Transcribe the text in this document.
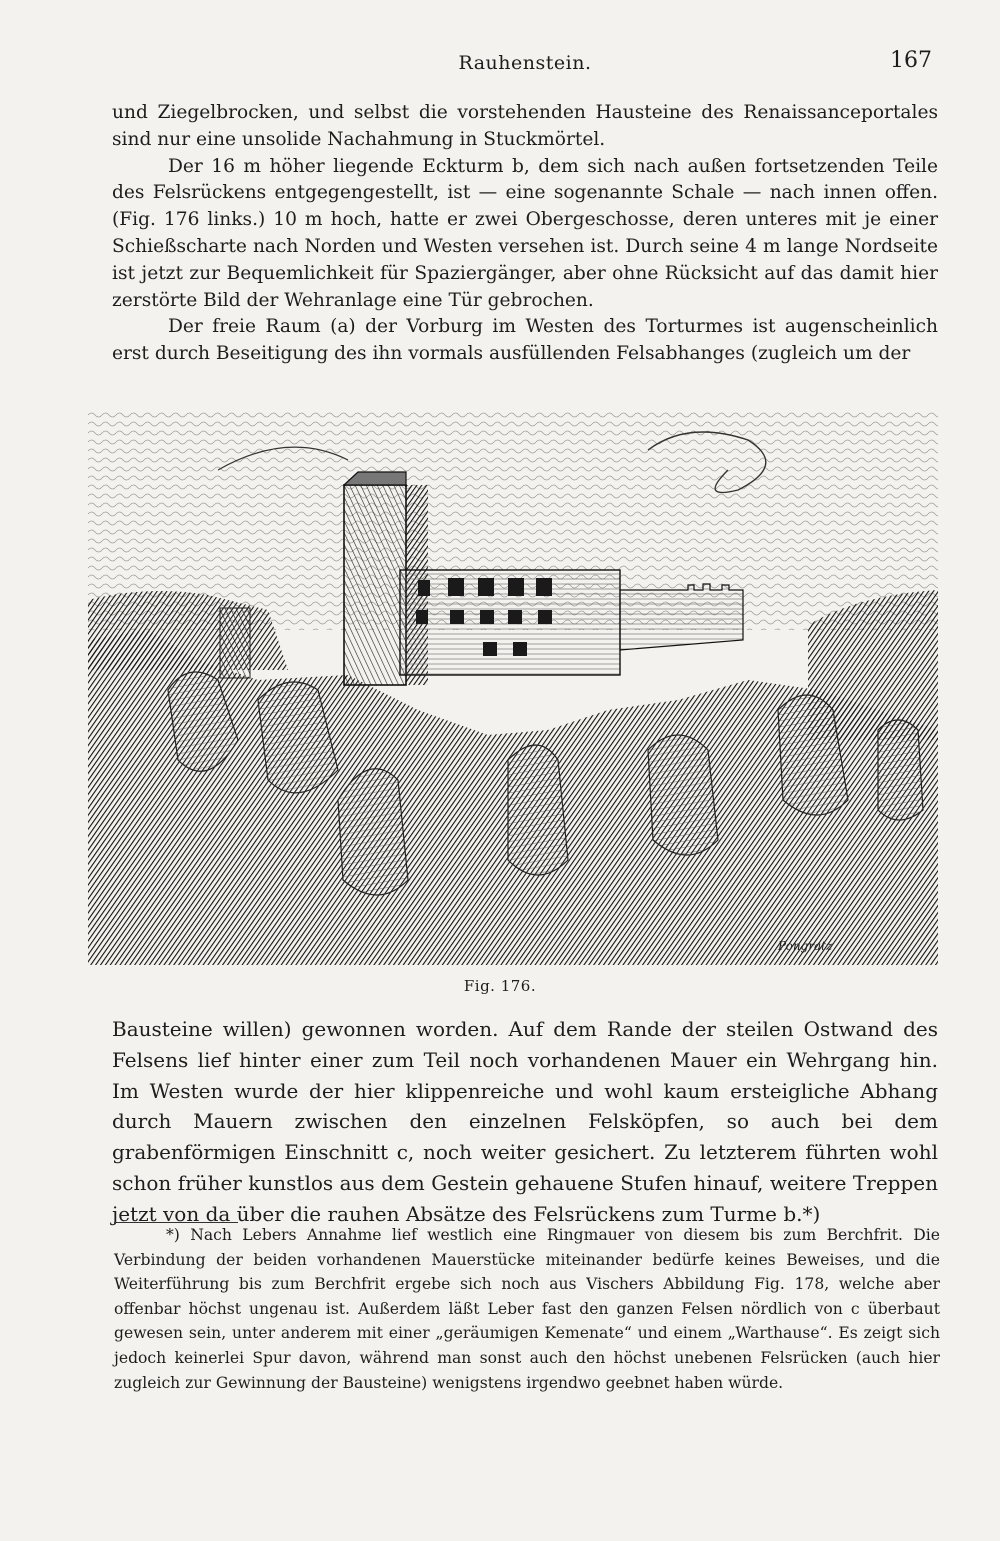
Rauhenstein.	167

und Ziegelbrocken, und selbst die vorstehenden Hausteine des Renaissanceportales sind nur eine unsolide Nachahmung in Stuckmörtel.

Der 16 m höher liegende Eckturm b, dem sich nach außen fortsetzenden Teile des Felsrückens entgegengestellt, ist — eine sogenannte Schale — nach innen offen. (Fig. 176 links.) 10 m hoch, hatte er zwei Obergeschosse, deren unteres mit je einer Schießscharte nach Norden und Westen versehen ist. Durch seine 4 m lange Nordseite ist jetzt zur Bequemlichkeit für Spaziergänger, aber ohne Rücksicht auf das damit hier zerstörte Bild der Wehranlage eine Tür gebrochen.

Der freie Raum (a) der Vorburg im Westen des Torturmes ist augenscheinlich erst durch Beseitigung des ihn vormals ausfüllenden Felsabhanges (zugleich um der

Pongratz
Fig. 176.

Bausteine willen) gewonnen worden. Auf dem Rande der steilen Ostwand des Felsens lief hinter einer zum Teil noch vorhandenen Mauer ein Wehrgang hin. Im Westen wurde der hier klippenreiche und wohl kaum ersteigliche Abhang durch Mauern zwischen den einzelnen Felsköpfen, so auch bei dem grabenförmigen Einschnitt c, noch weiter gesichert. Zu letzterem führten wohl schon früher kunstlos aus dem Gestein gehauene Stufen hinauf, weitere Treppen jetzt von da über die rauhen Absätze des Felsrückens zum Turme b.*)

*) Nach Lebers Annahme lief westlich eine Ringmauer von diesem bis zum Berchfrit. Die Verbindung der beiden vorhandenen Mauerstücke miteinander bedürfe keines Beweises, und die Weiterführung bis zum Berchfrit ergebe sich noch aus Vischers Abbildung Fig. 178, welche aber offenbar höchst ungenau ist. Außerdem läßt Leber fast den ganzen Felsen nördlich von c überbaut gewesen sein, unter anderem mit einer „geräumigen Kemenate“ und einem „Warthause“. Es zeigt sich jedoch keinerlei Spur davon, während man sonst auch den höchst unebenen Felsrücken (auch hier zugleich zur Gewinnung der Bausteine) wenigstens irgendwo geebnet haben würde.
